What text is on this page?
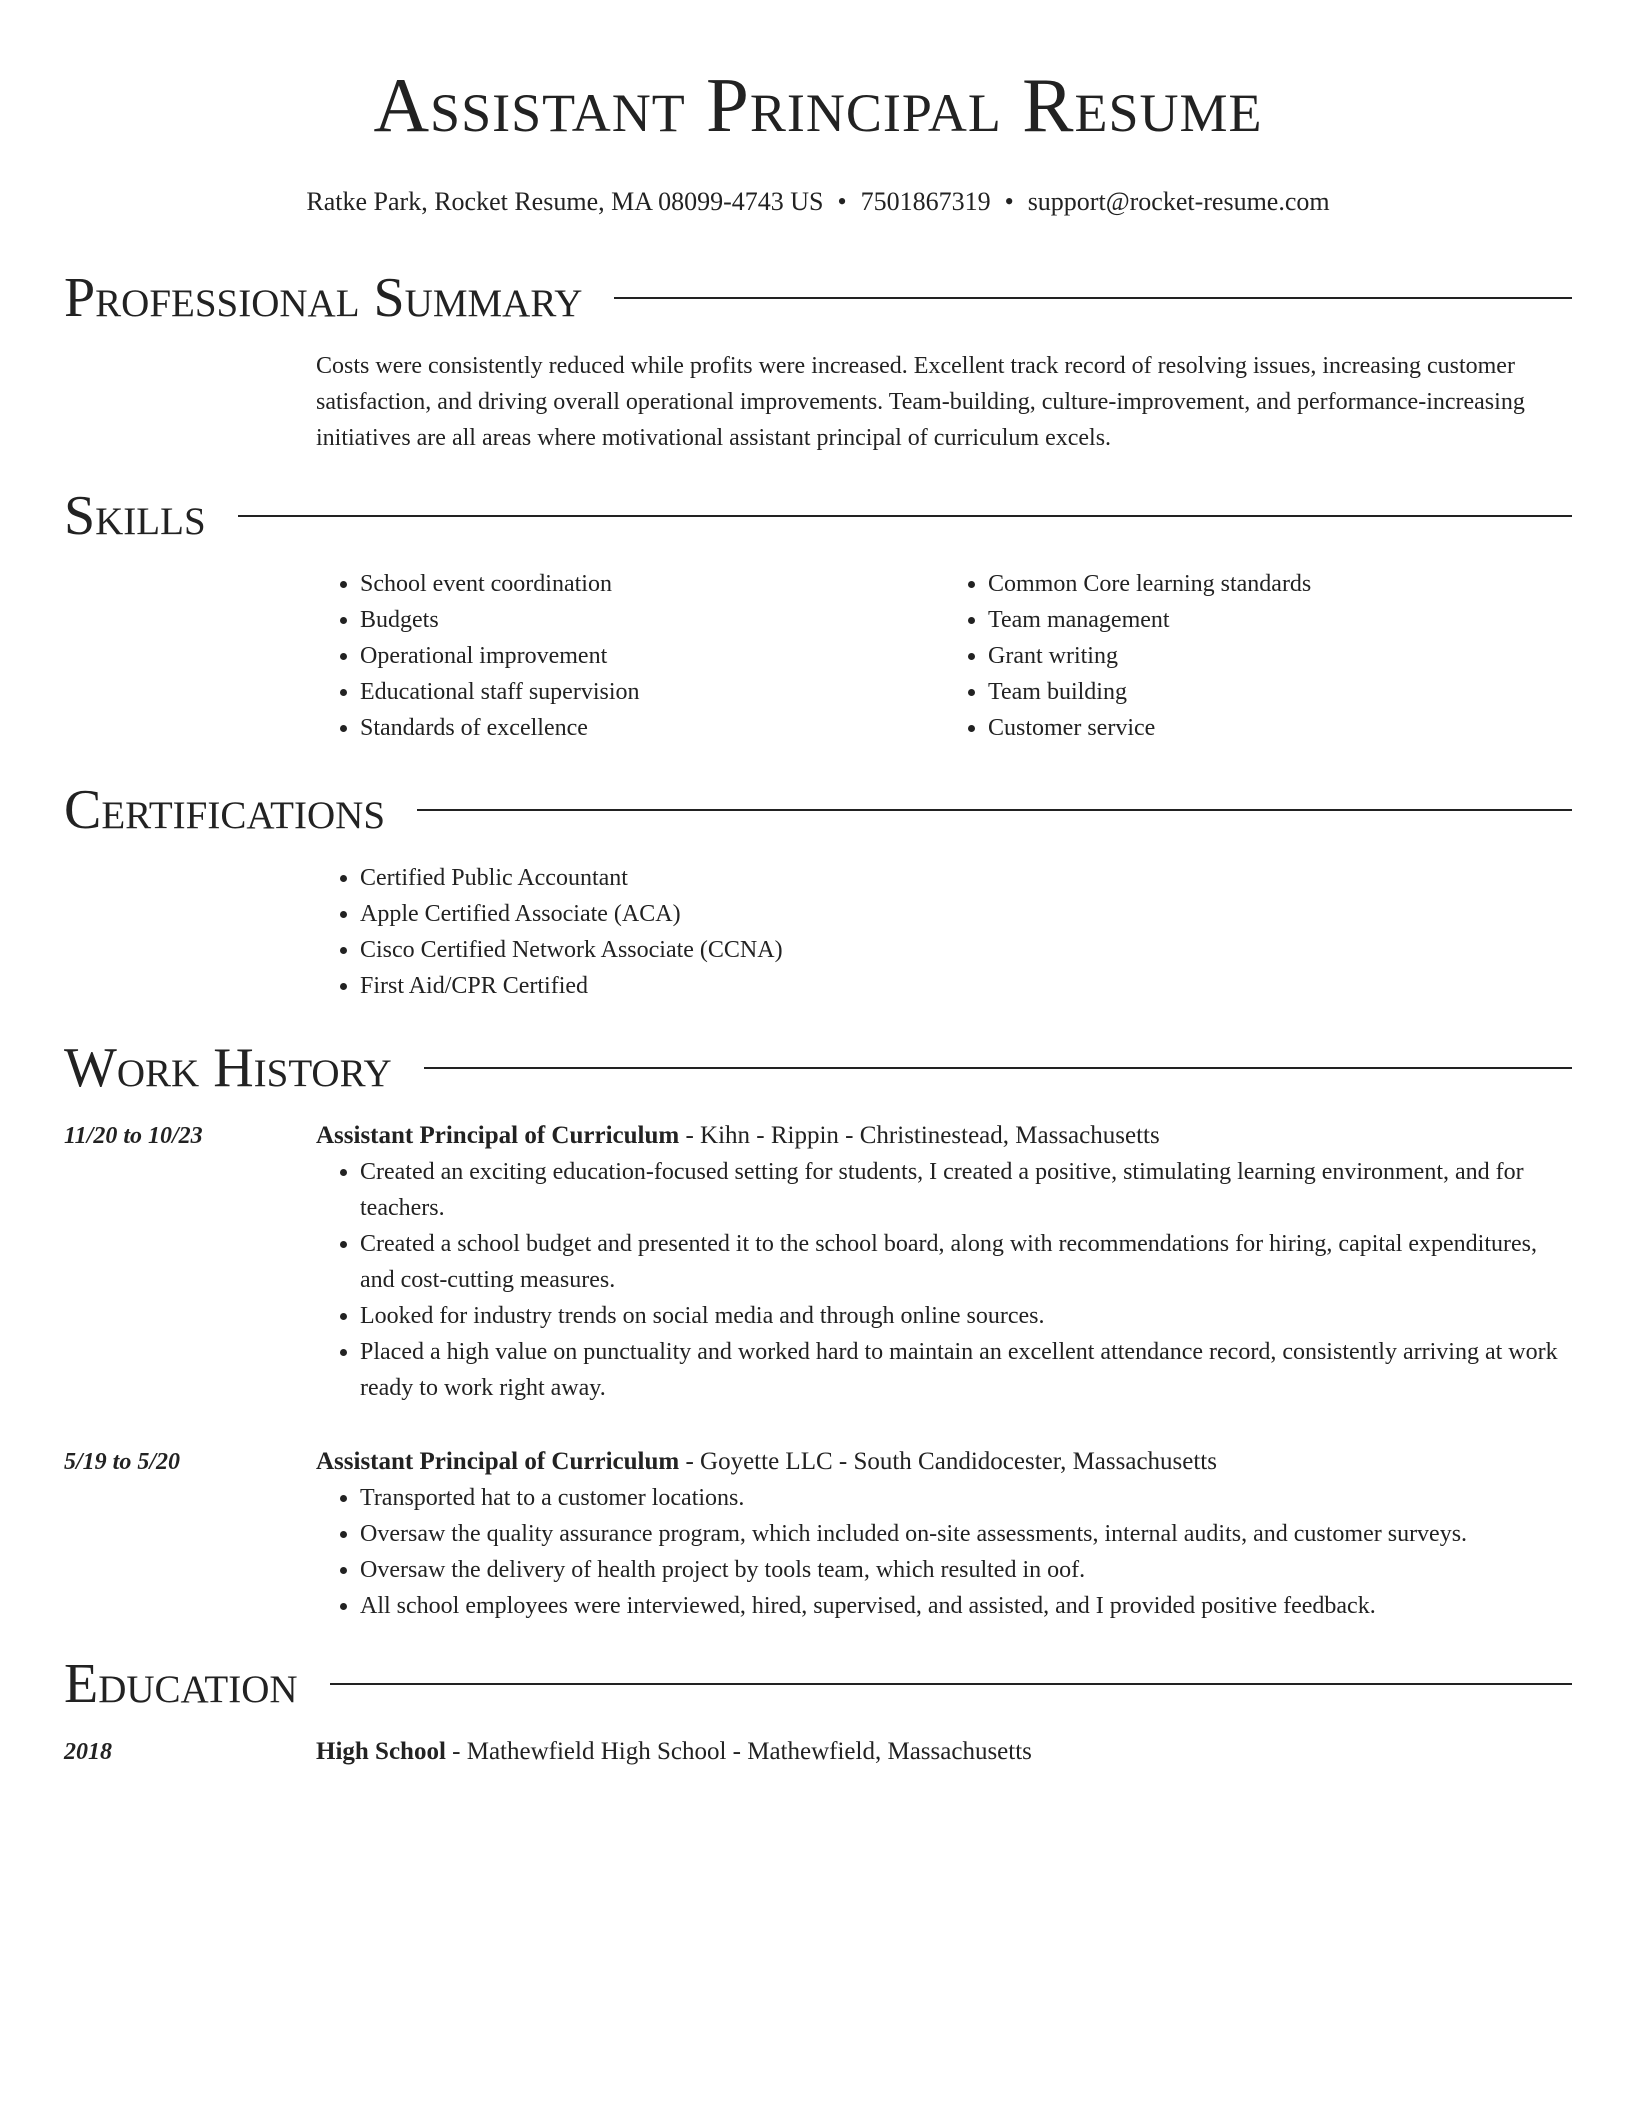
Assistant Principal Resume
Ratke Park, Rocket Resume, MA 08099-4743 US • 7501867319 • support@rocket-resume.com
Professional Summary
Costs were consistently reduced while profits were increased. Excellent track record of resolving issues, increasing customer satisfaction, and driving overall operational improvements. Team-building, culture-improvement, and performance-increasing initiatives are all areas where motivational assistant principal of curriculum excels.
Skills
• School event coordination
• Budgets
• Operational improvement
• Educational staff supervision
• Standards of excellence
• Common Core learning standards
• Team management
• Grant writing
• Team building
• Customer service
Certifications
• Certified Public Accountant
• Apple Certified Associate (ACA)
• Cisco Certified Network Associate (CCNA)
• First Aid/CPR Certified
Work History
11/20 to 10/23	Assistant Principal of Curriculum - Kihn - Rippin - Christinestead, Massachusetts
• Created an exciting education-focused setting for students, I created a positive, stimulating learning environment, and for teachers.
• Created a school budget and presented it to the school board, along with recommendations for hiring, capital expenditures, and cost-cutting measures.
• Looked for industry trends on social media and through online sources.
• Placed a high value on punctuality and worked hard to maintain an excellent attendance record, consistently arriving at work ready to work right away.
5/19 to 5/20	Assistant Principal of Curriculum - Goyette LLC - South Candidocester, Massachusetts
• Transported hat to a customer locations.
• Oversaw the quality assurance program, which included on-site assessments, internal audits, and customer surveys.
• Oversaw the delivery of health project by tools team, which resulted in oof.
• All school employees were interviewed, hired, supervised, and assisted, and I provided positive feedback.
Education
2018	High School - Mathewfield High School - Mathewfield, Massachusetts
